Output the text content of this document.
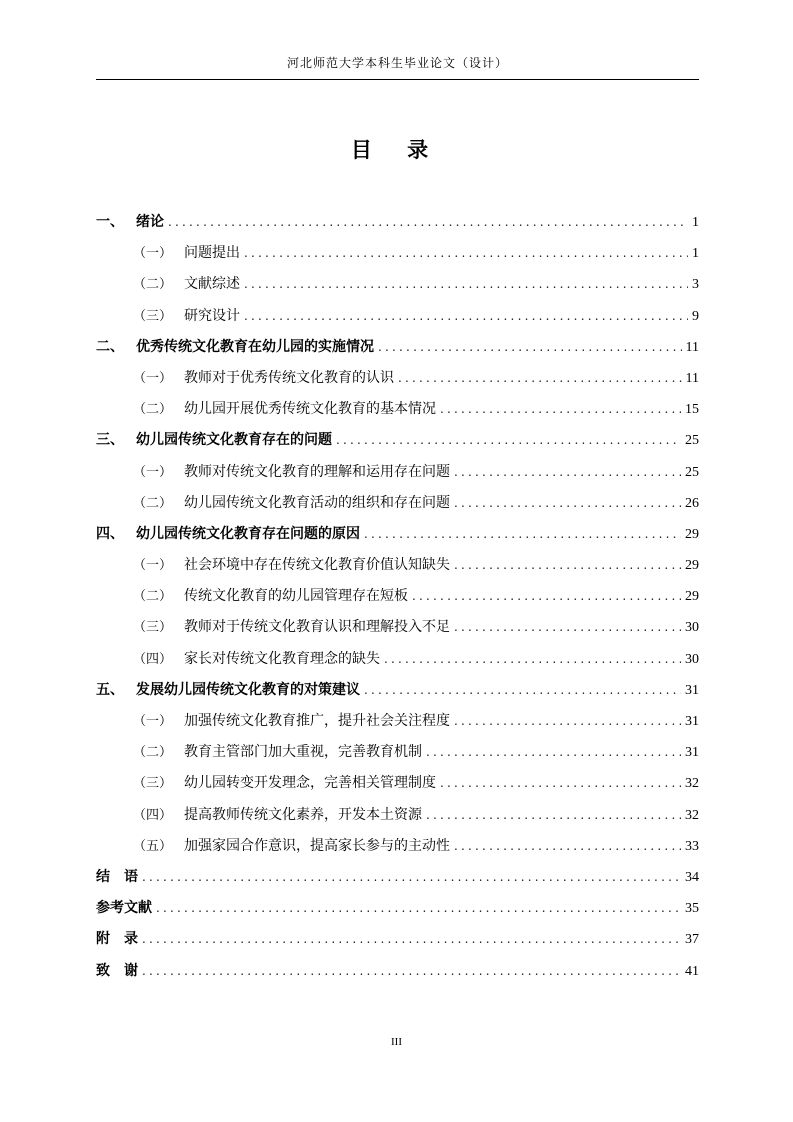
河北师范大学本科生毕业论文（设计）
目 录
一、 绪论 .....	1
（一） 问题提出 .....	1
（二） 文献综述 .....	3
（三） 研究设计 .....	9
二、 优秀传统文化教育在幼儿园的实施情况 .....	11
（一） 教师对于优秀传统文化教育的认识 .....	11
（二） 幼儿园开展优秀传统文化教育的基本情况 .....	15
三、 幼儿园传统文化教育存在的问题 .....	25
（一） 教师对传统文化教育的理解和运用存在问题 .....	25
（二） 幼儿园传统文化教育活动的组织和存在问题 .....	26
四、 幼儿园传统文化教育存在问题的原因 .....	29
（一） 社会环境中存在传统文化教育价值认知缺失 .....	29
（二） 传统文化教育的幼儿园管理存在短板 .....	29
（三） 教师对于传统文化教育认识和理解投入不足 .....	30
（四） 家长对传统文化教育理念的缺失 .....	30
五、 发展幼儿园传统文化教育的对策建议 .....	31
（一） 加强传统文化教育推广，提升社会关注程度 .....	31
（二） 教育主管部门加大重视，完善教育机制 .....	31
（三） 幼儿园转变开发理念，完善相关管理制度 .....	32
（四） 提高教师传统文化素养，开发本土资源 .....	32
（五） 加强家园合作意识，提高家长参与的主动性 .....	33
结　语 .....	34
参考文献 .....	35
附　录 .....	37
致　谢 .....	41
III
